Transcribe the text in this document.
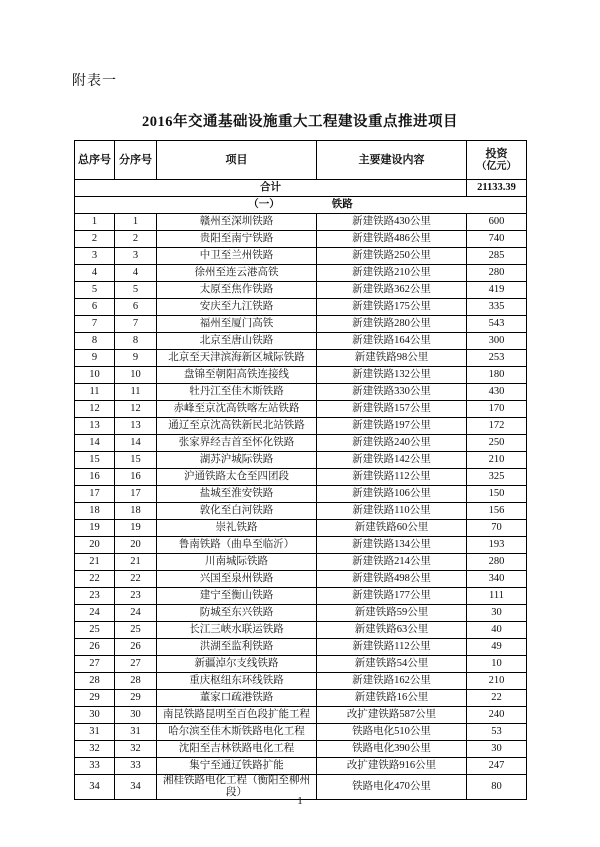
附表一
2016年交通基础设施重大工程建设重点推进项目
总序号	分序号	项目	主要建设内容	投资
（亿元）

合计				21133.39
（一） 铁路				
1	1	赣州至深圳铁路	新建铁路430公里	600
2	2	贵阳至南宁铁路	新建铁路486公里	740
3	3	中卫至兰州铁路	新建铁路250公里	285
4	4	徐州至连云港高铁	新建铁路210公里	280
5	5	太原至焦作铁路	新建铁路362公里	419
6	6	安庆至九江铁路	新建铁路175公里	335
7	7	福州至厦门高铁	新建铁路280公里	543
8	8	北京至唐山铁路	新建铁路164公里	300
9	9	北京至天津滨海新区城际铁路	新建铁路98公里	253
10	10	盘锦至朝阳高铁连接线	新建铁路132公里	180
11	11	牡丹江至佳木斯铁路	新建铁路330公里	430
12	12	赤峰至京沈高铁喀左站铁路	新建铁路157公里	170
13	13	通辽至京沈高铁新民北站铁路	新建铁路197公里	172
14	14	张家界经吉首至怀化铁路	新建铁路240公里	250
15	15	湖苏沪城际铁路	新建铁路142公里	210
16	16	沪通铁路太仓至四团段	新建铁路112公里	325
17	17	盐城至淮安铁路	新建铁路106公里	150
18	18	敦化至白河铁路	新建铁路110公里	156
19	19	崇礼铁路	新建铁路60公里	70
20	20	鲁南铁路（曲阜至临沂）	新建铁路134公里	193
21	21	川南城际铁路	新建铁路214公里	280
22	22	兴国至泉州铁路	新建铁路498公里	340
23	23	建宁至衡山铁路	新建铁路177公里	111
24	24	防城至东兴铁路	新建铁路59公里	30
25	25	长江三峡水联运铁路	新建铁路63公里	40
26	26	洪湖至监利铁路	新建铁路112公里	49
27	27	新疆淖尔支线铁路	新建铁路54公里	10
28	28	重庆枢纽东环线铁路	新建铁路162公里	210
29	29	董家口疏港铁路	新建铁路16公里	22
30	30	南昆铁路昆明至百色段扩能工程	改扩建铁路587公里	240
31	31	哈尔滨至佳木斯铁路电化工程	铁路电化510公里	53
32	32	沈阳至吉林铁路电化工程	铁路电化390公里	30
33	33	集宁至通辽铁路扩能	改扩建铁路916公里	247
34	34	湘桂铁路电化工程（衡阳至柳州段）	铁路电化470公里	80
1
